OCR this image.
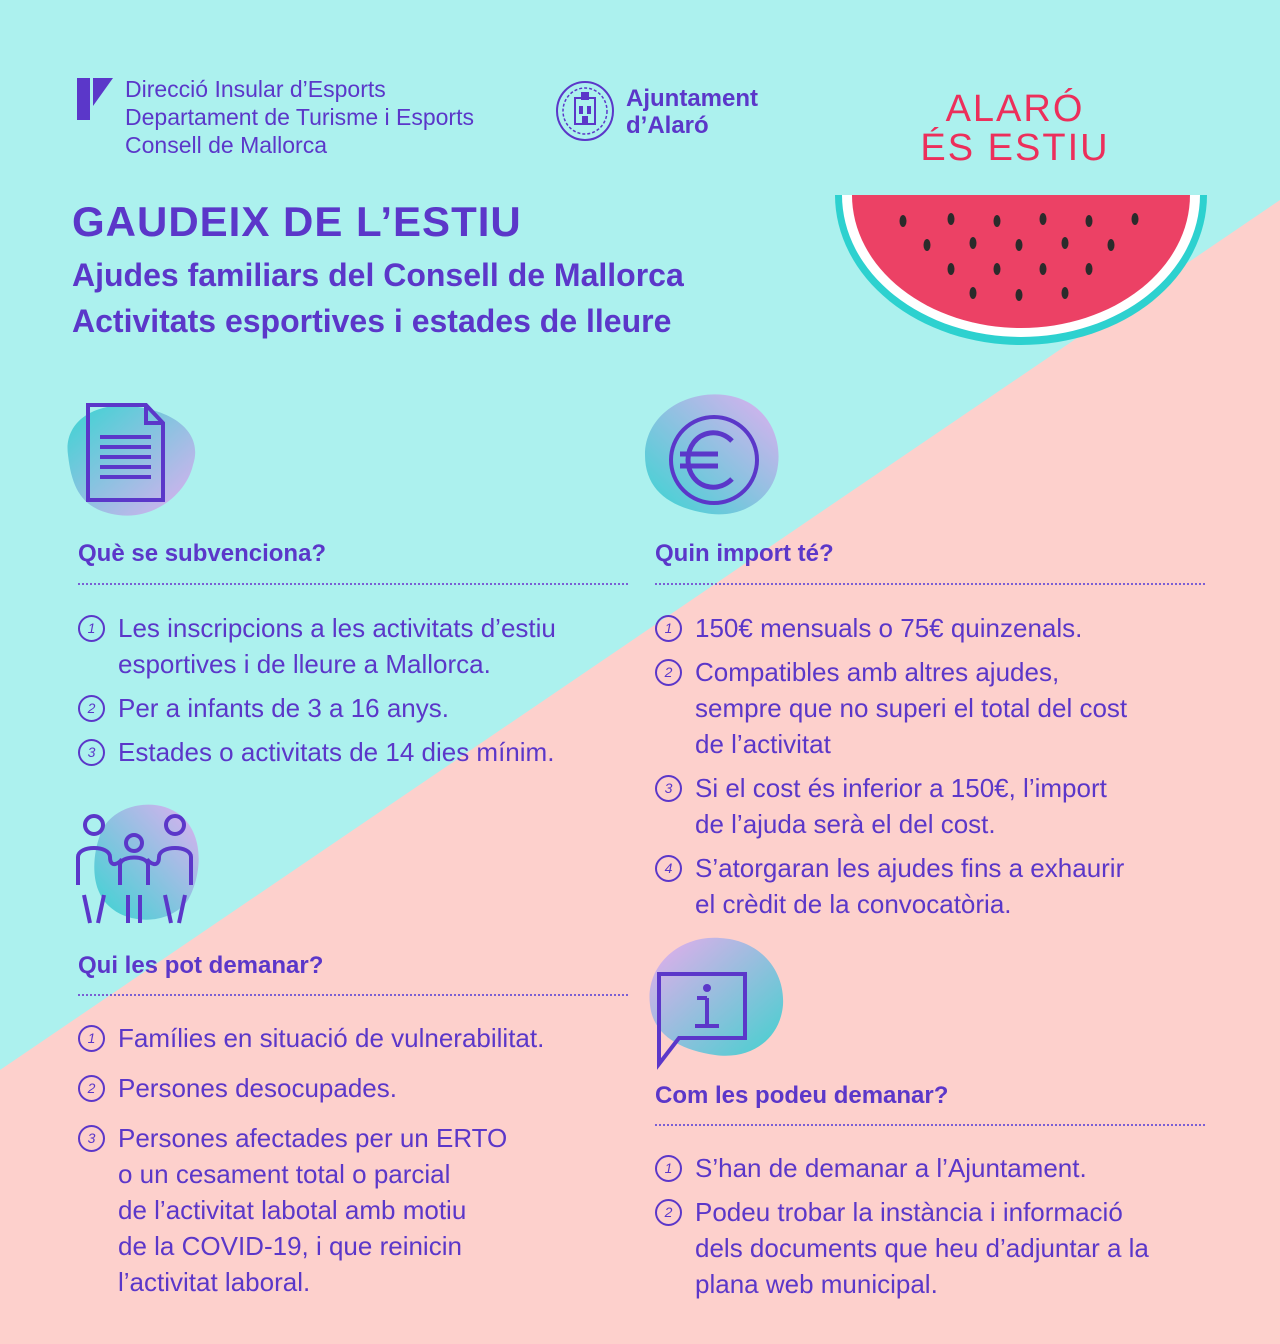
Direcció Insular d’Esports
Departament de Turisme i Esports
Consell de Mallorca
Ajuntament
d’Alaró	ALARÓ
ÉS ESTIU
GAUDEIX DE L’ESTIU
Ajudes familiars del Consell de Mallorca
Activitats esportives i estades de lleure
Què se subvenciona?
1 Les inscripcions a les activitats d’estiu
esportives i de lleure a Mallorca.
2 Per a infants de 3 a 16 anys.
3 Estades o activitats de 14 dies mínim.
Quin import té?
1 150€ mensuals o 75€ quinzenals.
2 Compatibles amb altres ajudes,
sempre que no superi el total del cost
de l’activitat
3 Si el cost és inferior a 150€, l’import
de l’ajuda serà el del cost.
4 S’atorgaran les ajudes fins a exhaurir
el crèdit de la convocatòria.
Qui les pot demanar?
1 Famílies en situació de vulnerabilitat.
2 Persones desocupades.
3 Persones afectades per un ERTO
o un cesament total o parcial
de l’activitat labotal amb motiu
de la COVID-19, i que reinicin
l’activitat laboral.
Com les podeu demanar?
1 S’han de demanar a l’Ajuntament.
2 Podeu trobar la instància i informació
dels documents que heu d’adjuntar a la
plana web municipal.
